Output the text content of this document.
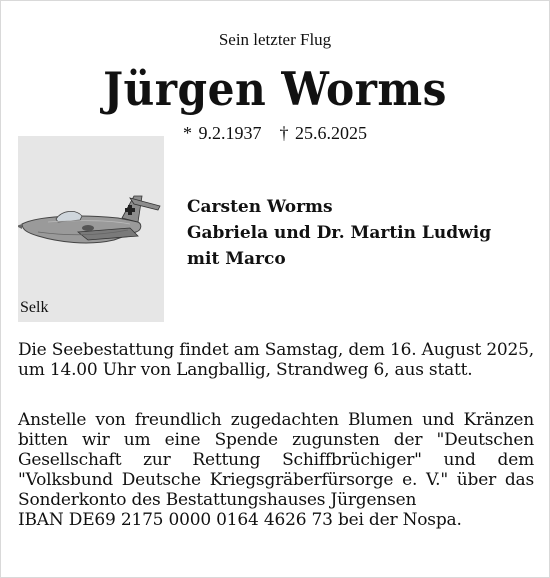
Sein letzter Flug
Jürgen Worms
* 9.2.1937 † 25.6.2025
Selk
Carsten Worms
Gabriela und Dr. Martin Ludwig
mit Marco
Die Seebestattung findet am Samstag, dem 16. August 2025, um 14.00 Uhr von Langballig, Strandweg 6, aus statt.
Anstelle von freundlich zugedachten Blumen und Kränzen bitten wir um eine Spende zugunsten der "Deutschen Gesellschaft zur Rettung Schiffbrüchiger" und dem "Volksbund Deutsche Kriegsgräberfürsorge e. V." über das Sonderkonto des Bestattungshauses Jürgensen
IBAN DE69 2175 0000 0164 4626 73 bei der Nospa.
